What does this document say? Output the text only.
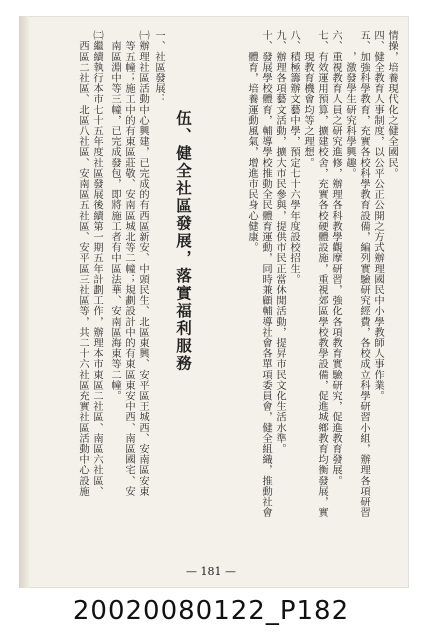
情操，培養現代化之健全國民。
四、健全教育人事制度，以公平公正公開之方式辦理國民中小學教師人事作業。
五、加強科學教育，充實各校科學教育設備，編列實驗研究經費，各校成立科學研習小組，辦理各項研習
　　，激發學生研究科學興趣。
六、重視教育人員之研究進修，辦理各科教學觀摩研習，強化各項教育實驗研究，促進教育發展。
七、有效運用預算，擴建校舍，充實各校硬體設施，重視郊區學校教學設備，促進城鄉教育均衡發展，實
　　現教育機會均等之理想。
八、積極籌辦文藝中學，預定七十六學年度設校招生。
九、辦理各項藝文活動，擴大市民參與，提供市民正當休閒活動，提昇市民文化生活水準。
十、發展學校體育，輔導學校推動全民體育運動，同時兼顧輔導社會各單項委員會，健全組織，推動社會
　　體育，培養運動風氣，增進市民身心健康。
伍、健全社區發展，落實福利服務
一、社區發展：
㈠辦理社區活動中心興建，已完成的有西區新安、中頭民生、北區東興、安平區王城西、安南區安東
　等五幢；施工中的有東區莊敬、安南區城北等二幢；規劃設計中的有東區東安中西、南區國宅、安
　南區淵中等三幢，已完成發包，即將施工者有中區法華、安南區海東等二幢。
㈡繼續執行本市七十五年度社區發展後續第一期五年計劃工作，辦理本市東區二社區、南區六社區、
　西區二社區、北區八社區、安南區五社區、安平區三社區等，共二十六社區充實社區活動中心設施
— 181 —
20020080122_P182
